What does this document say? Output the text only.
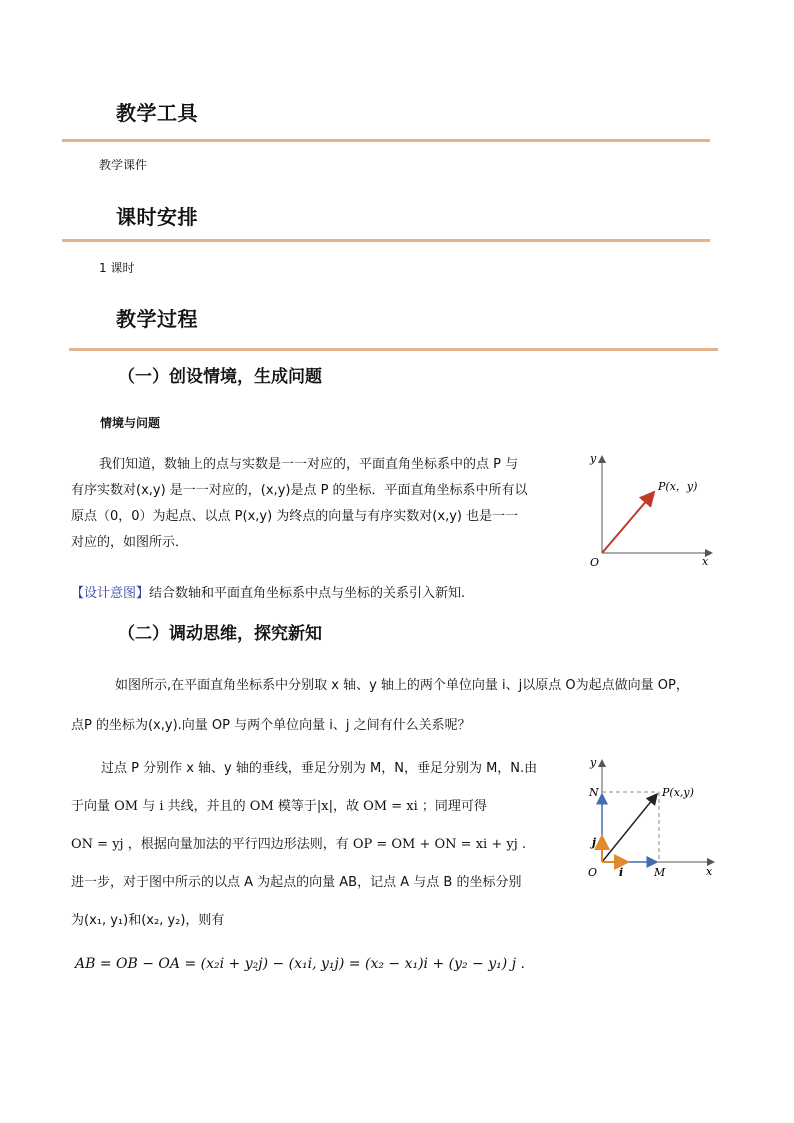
教学工具
教学课件
课时安排
1 课时
教学过程
（一）创设情境，生成问题
情境与问题
我们知道，数轴上的点与实数是一一对应的，平面直角坐标系中的点 P 与
有序实数对(x,y) 是一一对应的，(x,y)是点 P 的坐标．平面直角坐标系中所有以
原点（0，0）为起点、以点 P(x,y) 为终点的向量与有序实数对(x,y) 也是一一
对应的，如图所示．
【设计意图】结合数轴和平面直角坐标系中点与坐标的关系引入新知.
y
x
O
P(x，y)
（二）调动思维，探究新知
如图所示,在平面直角坐标系中分别取 x 轴、y 轴上的两个单位向量 i、j以原点 O为起点做向量 OP，
点P 的坐标为(x,y).向量 OP 与两个单位向量 i、j 之间有什么关系呢？
过点 P 分别作 x 轴、y 轴的垂线，垂足分别为 M，N，垂足分别为 M，N.由
于向量 OM 与 i 共线，并且的 OM 模等于|x|，故 OM = xi ；同理可得
ON = yj ，根据向量加法的平行四边形法则，有 OP = OM + ON = xi + yj .
进一步，对于图中所示的以点 A 为起点的向量 AB，记点 A 与点 B 的坐标分别
为(x₁, y₁)和(x₂, y₂)，则有
AB = OB − OA = (x₂i + y₂j) − (x₁i, y₁j) = (x₂ − x₁)i + (y₂ − y₁) j .
y
x
O
N
M
P(x,y)
i
j
